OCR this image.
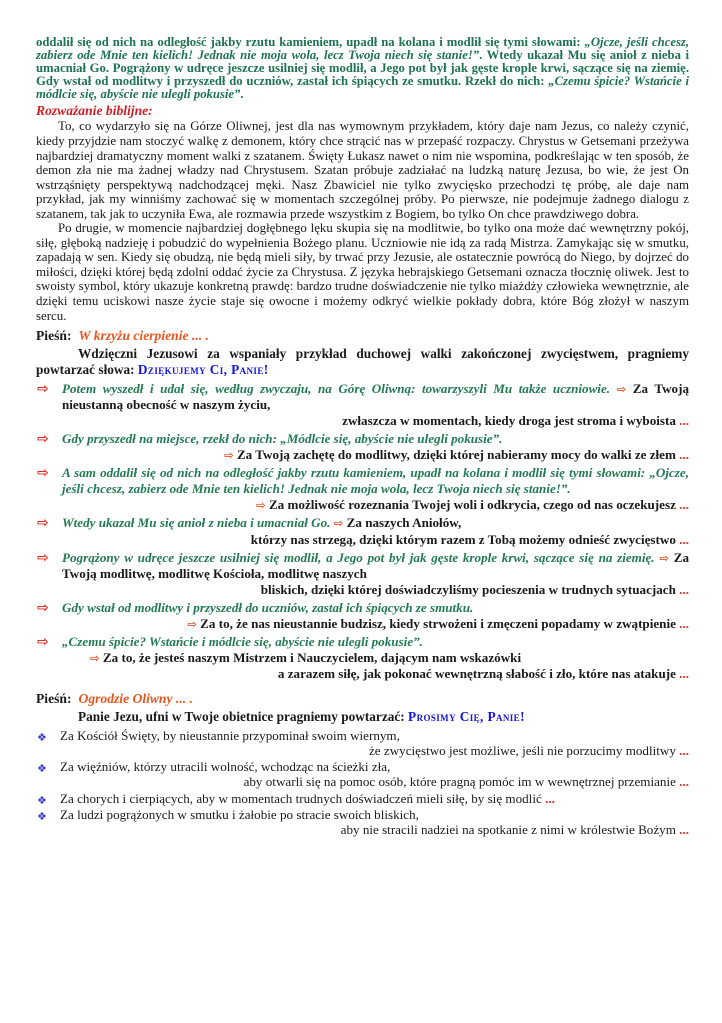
oddalił się od nich na odległość jakby rzutu kamieniem, upadł na kolana i modlił się tymi słowami: „Ojcze, jeśli chcesz, zabierz ode Mnie ten kielich! Jednak nie moja wola, lecz Twoja niech się stanie!”. Wtedy ukazał Mu się anioł z nieba i umacniał Go. Pogrążony w udręce jeszcze usilniej się modlił, a Jego pot był jak gęste krople krwi, sączące się na ziemię. Gdy wstał od modlitwy i przyszedł do uczniów, zastał ich śpiących ze smutku. Rzekł do nich: „Czemu śpicie? Wstańcie i módlcie się, abyście nie ulegli pokusie”.

Rozważanie biblijne:

To, co wydarzyło się na Górze Oliwnej, jest dla nas wymownym przykładem, który daje nam Jezus, co należy czynić, kiedy przyjdzie nam stoczyć walkę z demonem, który chce strącić nas w przepaść rozpaczy. Chrystus w Getsemani przeżywa najbardziej dramatyczny moment walki z szatanem. Święty Łukasz nawet o nim nie wspomina, podkreślając w ten sposób, że demon zła nie ma żadnej władzy nad Chrystusem. Szatan próbuje zadziałać na ludzką naturę Jezusa, bo wie, że jest On wstrząśnięty perspektywą nadchodzącej męki. Nasz Zbawiciel nie tylko zwycięsko przechodzi tę próbę, ale daje nam przykład, jak my winniśmy zachować się w momentach szczególnej próby. Po pierwsze, nie podejmuje żadnego dialogu z szatanem, tak jak to uczyniła Ewa, ale rozmawia przede wszystkim z Bogiem, bo tylko On chce prawdziwego dobra.

Po drugie, w momencie najbardziej dogłębnego lęku skupia się na modlitwie, bo tylko ona może dać wewnętrzny pokój, siłę, głęboką nadzieję i pobudzić do wypełnienia Bożego planu. Uczniowie nie idą za radą Mistrza. Zamykając się w smutku, zapadają w sen. Kiedy się obudzą, nie będą mieli siły, by trwać przy Jezusie, ale ostatecznie powrócą do Niego, by dojrzeć do miłości, dzięki której będą zdolni oddać życie za Chrystusa. Z języka hebrajskiego Getsemani oznacza tłocznię oliwek. Jest to swoisty symbol, który ukazuje konkretną prawdę: bardzo trudne doświadczenie nie tylko miażdży człowieka wewnętrznie, ale dzięki temu uciskowi nasze życie staje się owocne i możemy odkryć wielkie pokłady dobra, które Bóg złożył w naszym sercu.

Pieśń: W krzyżu cierpienie ... .

Wdzięczni Jezusowi za wspaniały przykład duchowej walki zakończonej zwycięstwem, pragniemy powtarzać słowa: Dziękujemy Ci, Panie!

⇨ Potem wyszedł i udał się, według zwyczaju, na Górę Oliwną: towarzyszyli Mu także uczniowie. ⇨ Za Twoją nieustanną obecność w naszym życiu,
zwłaszcza w momentach, kiedy droga jest stroma i wyboista ...
⇨ Gdy przyszedł na miejsce, rzekł do nich: „Módlcie się, abyście nie ulegli pokusie”.
⇨ Za Twoją zachętę do modlitwy, dzięki której nabieramy mocy do walki ze złem ...
⇨ A sam oddalił się od nich na odległość jakby rzutu kamieniem, upadł na kolana i modlił się tymi słowami: „Ojcze, jeśli chcesz, zabierz ode Mnie ten kielich! Jednak nie moja wola, lecz Twoja niech się stanie!”.
⇨ Za możliwość rozeznania Twojej woli i odkrycia, czego od nas oczekujesz ...
⇨ Wtedy ukazał Mu się anioł z nieba i umacniał Go. ⇨ Za naszych Aniołów,
którzy nas strzegą, dzięki którym razem z Tobą możemy odnieść zwycięstwo ...
⇨ Pogrążony w udręce jeszcze usilniej się modlił, a Jego pot był jak gęste krople krwi, sączące się na ziemię. ⇨ Za Twoją modlitwę, modlitwę Kościoła, modlitwę naszych
bliskich, dzięki której doświadczyliśmy pocieszenia w trudnych sytuacjach ...
⇨ Gdy wstał od modlitwy i przyszedł do uczniów, zastał ich śpiących ze smutku.
⇨ Za to, że nas nieustannie budzisz, kiedy strwożeni i zmęczeni popadamy w zwątpienie ...
⇨ „Czemu śpicie? Wstańcie i módlcie się, abyście nie ulegli pokusie”.
⇨ Za to, że jesteś naszym Mistrzem i Nauczycielem, dającym nam wskazówki
a zarazem siłę, jak pokonać wewnętrzną słabość i zło, które nas atakuje ...

Pieśń: Ogrodzie Oliwny ... .

Panie Jezu, ufni w Twoje obietnice pragniemy powtarzać: Prosimy Cię, Panie!

❖ Za Kościół Święty, by nieustannie przypominał swoim wiernym,
że zwycięstwo jest możliwe, jeśli nie porzucimy modlitwy ...
❖ Za więźniów, którzy utracili wolność, wchodząc na ścieżki zła,
aby otwarli się na pomoc osób, które pragną pomóc im w wewnętrznej przemianie ...
❖ Za chorych i cierpiących, aby w momentach trudnych doświadczeń mieli siłę, by się modlić ...
❖ Za ludzi pogrążonych w smutku i żałobie po stracie swoich bliskich,
aby nie stracili nadziei na spotkanie z nimi w królestwie Bożym ...
